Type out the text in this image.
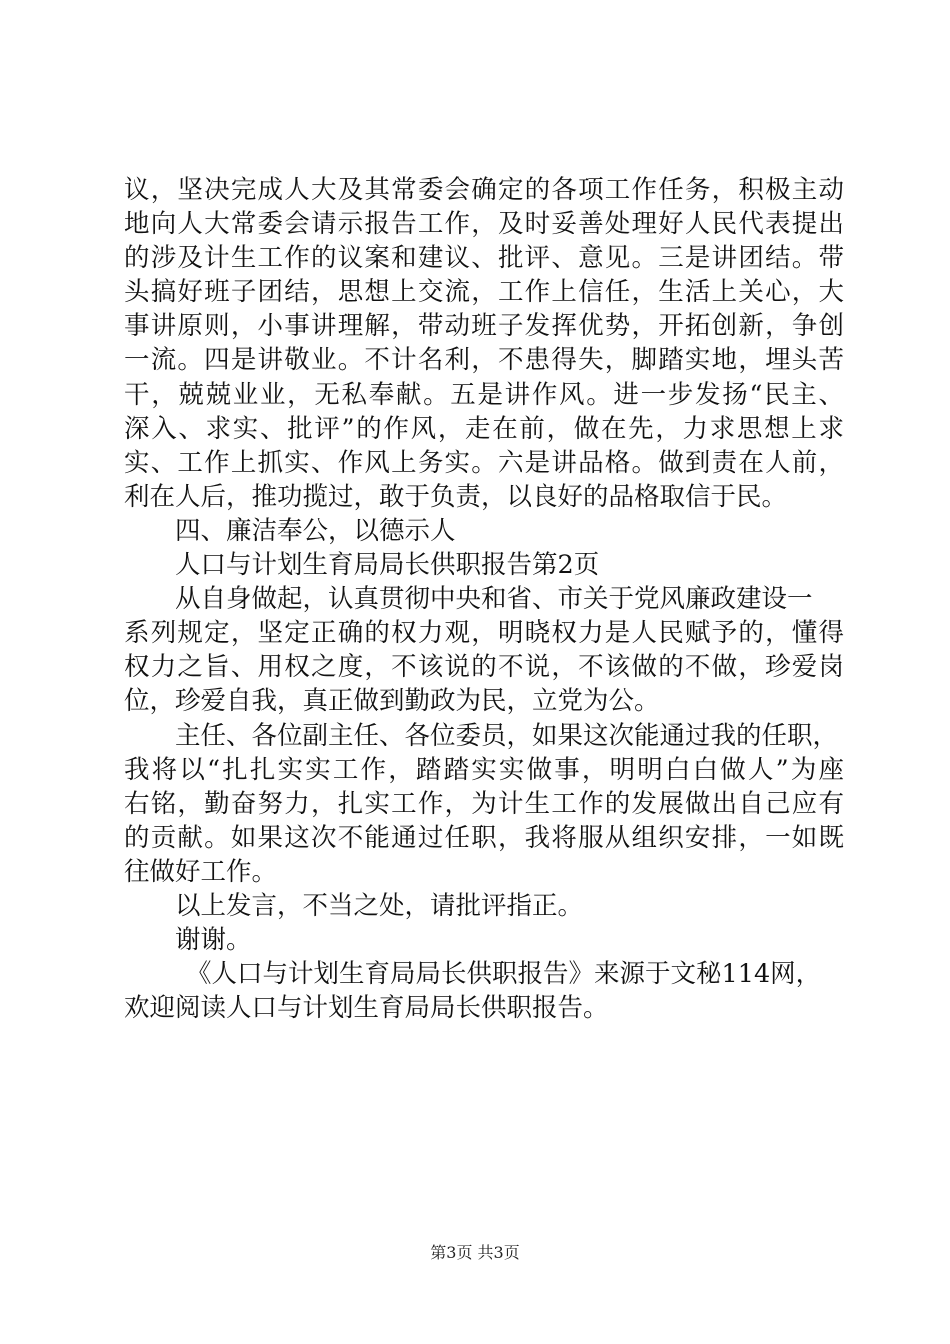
议，坚决完成人大及其常委会确定的各项工作任务，积极主动
地向人大常委会请示报告工作，及时妥善处理好人民代表提出
的涉及计生工作的议案和建议、批评、意见。三是讲团结。带
头搞好班子团结，思想上交流，工作上信任，生活上关心，大
事讲原则，小事讲理解，带动班子发挥优势，开拓创新，争创
一流。四是讲敬业。不计名利，不患得失，脚踏实地，埋头苦
干，兢兢业业，无私奉献。五是讲作风。进一步发扬“民主、
深入、求实、批评”的作风，走在前，做在先，力求思想上求
实、工作上抓实、作风上务实。六是讲品格。做到责在人前，
利在人后，推功揽过，敢于负责，以良好的品格取信于民。
四、廉洁奉公，以德示人
人口与计划生育局局长供职报告第2页
从自身做起，认真贯彻中央和省、市关于党风廉政建设一
系列规定，坚定正确的权力观，明晓权力是人民赋予的，懂得
权力之旨、用权之度，不该说的不说，不该做的不做，珍爱岗
位，珍爱自我，真正做到勤政为民，立党为公。
主任、各位副主任、各位委员，如果这次能通过我的任职，
我将以“扎扎实实工作，踏踏实实做事，明明白白做人”为座
右铭，勤奋努力，扎实工作，为计生工作的发展做出自己应有
的贡献。如果这次不能通过任职，我将服从组织安排，一如既
往做好工作。
以上发言，不当之处，请批评指正。
谢谢。
《人口与计划生育局局长供职报告》来源于文秘114网，
欢迎阅读人口与计划生育局局长供职报告。
第3页 共3页
